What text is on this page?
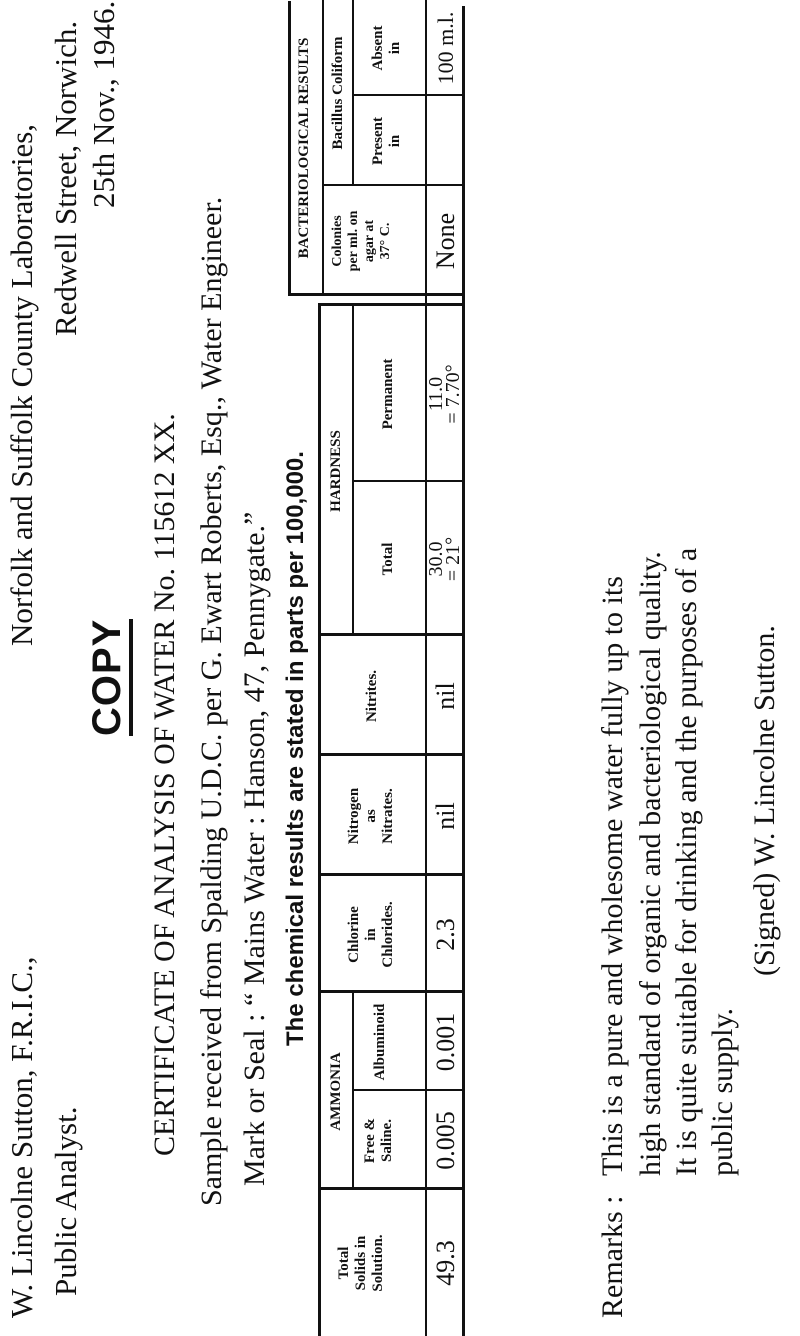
W. Lincolne Sutton, F.R.I.C.,
Norfolk and Suffolk County Laboratories,
Public Analyst.
Redwell Street, Norwich. 25th Nov., 1946.
COPY CERTIFICATE OF ANALYSIS OF WATER No. 115612 XX. Sample received from Spalding U.D.C. per G. Ewart Roberts, Esq., Water Engineer. Mark or Seal : “ Mains Water : Hanson, 47, Pennygate.” The chemical results are stated in parts per 100,000.
Total
Solids in
Solution.
AMMONIA
Free &
Saline.
Albuminoid
Chlorine
in
Chlorides.
Nitrogen
as
Nitrates.
Nitrites.
HARDNESS
Total
Permanent
BACTERIOLOGICAL RESULTS Colonies
per ml. on
agar at
37° C.
Bacillus Coliform Present
in
Absent
in
49.3
0.005
0.001
2.3
nil
nil
30.0
= 21°
11.0
= 7.70°
None
100 m.l.
Remarks :
This is a pure and wholesome water fully up to its high standard of organic and bacteriological quality. It is quite suitable for drinking and the purposes of a public supply.
(Signed) W. Lincolne Sutton.
